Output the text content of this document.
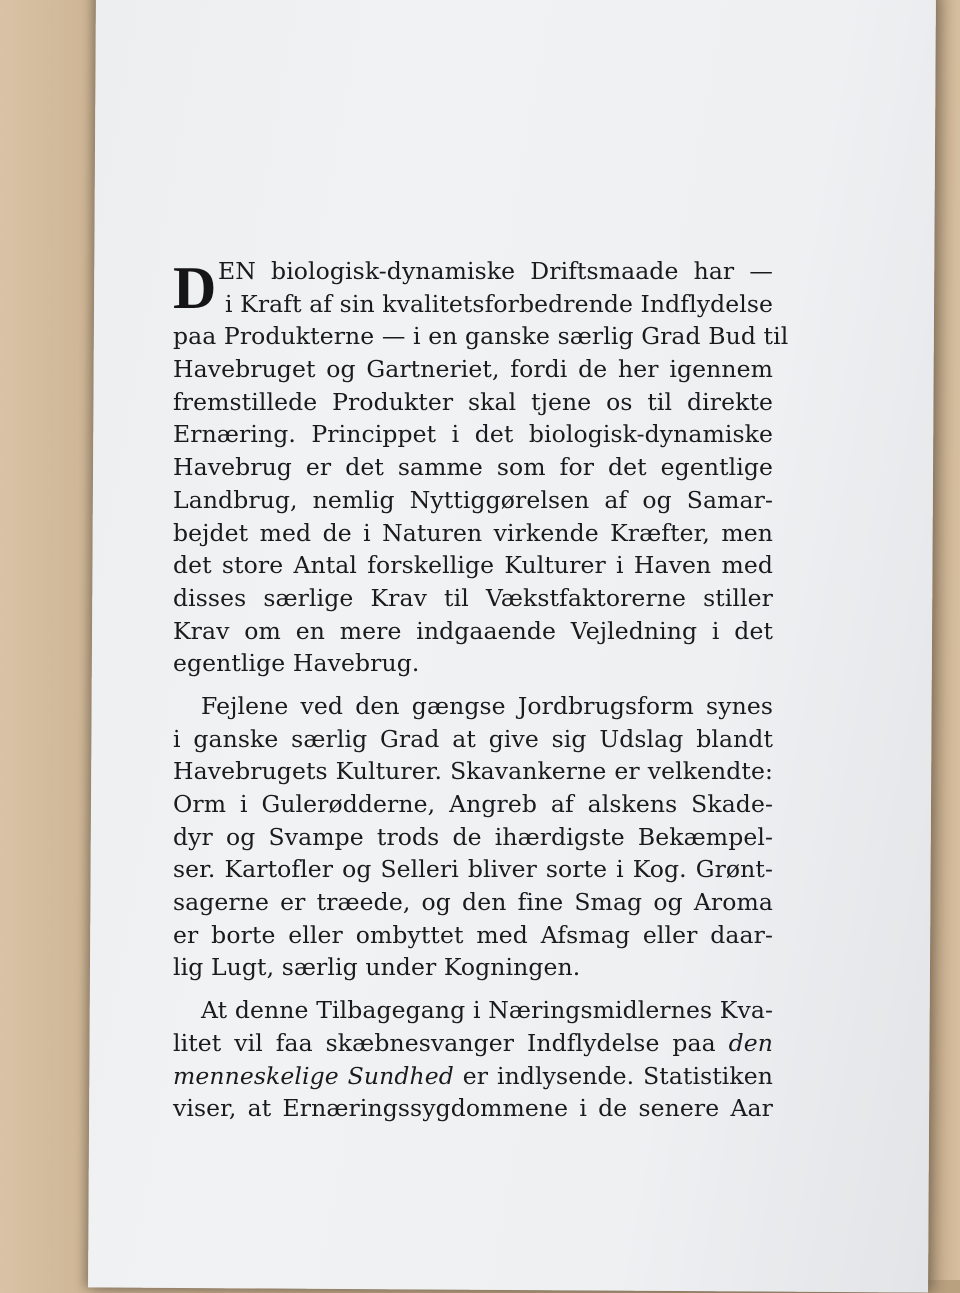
D EN biologisk-dynamiske Driftsmaade har —
i Kraft af sin kvalitetsforbedrende Indflydelse
paa Produkterne — i en ganske særlig Grad Bud til
Havebruget og Gartneriet, fordi de her igennem
fremstillede Produkter skal tjene os til direkte
Ernæring. Princippet i det biologisk-dynamiske
Havebrug er det samme som for det egentlige
Landbrug, nemlig Nyttiggørelsen af og Samar-
bejdet med de i Naturen virkende Kræfter, men
det store Antal forskellige Kulturer i Haven med
disses særlige Krav til Vækstfaktorerne stiller
Krav om en mere indgaaende Vejledning i det
egentlige Havebrug.
Fejlene ved den gængse Jordbrugsform synes
i ganske særlig Grad at give sig Udslag blandt
Havebrugets Kulturer. Skavankerne er velkendte:
Orm i Gulerødderne, Angreb af alskens Skade-
dyr og Svampe trods de ihærdigste Bekæmpel-
ser. Kartofler og Selleri bliver sorte i Kog. Grønt-
sagerne er træede, og den fine Smag og Aroma
er borte eller ombyttet med Afsmag eller daar-
lig Lugt, særlig under Kogningen.
At denne Tilbagegang i Næringsmidlernes Kva-
litet vil faa skæbnesvanger Indflydelse paa den
menneskelige Sundhed er indlysende. Statistiken
viser, at Ernæringssygdommene i de senere Aar
